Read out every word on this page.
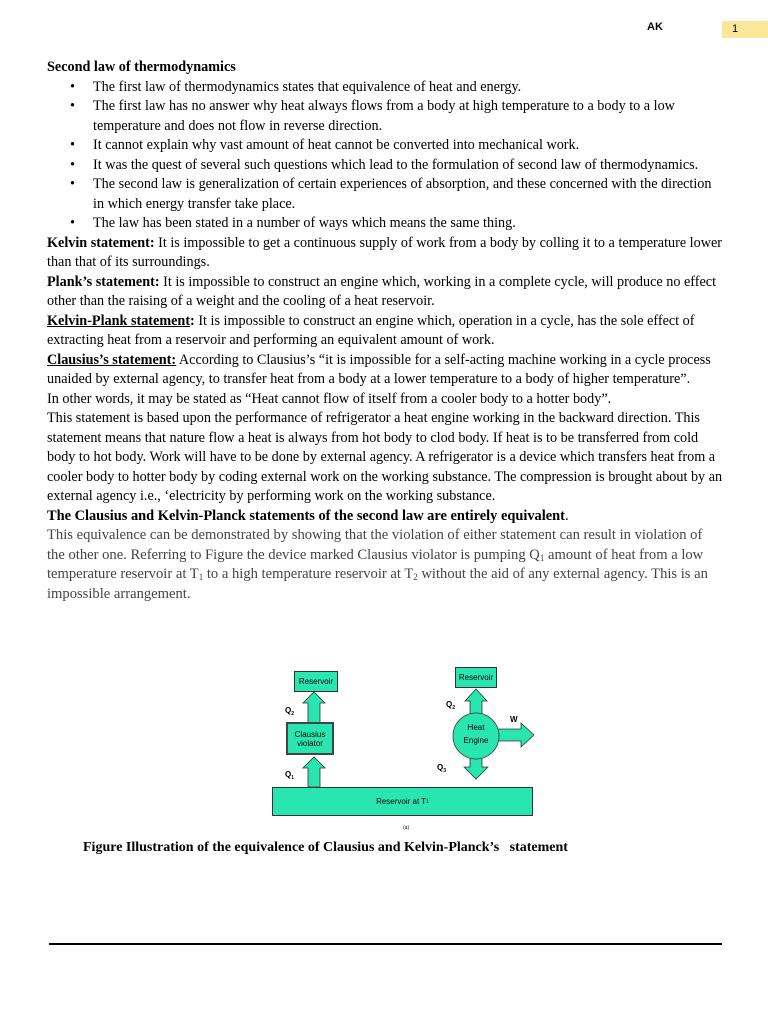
AK	1

Second law of thermodynamics

• The first law of thermodynamics states that equivalence of heat and energy.
• The first law has no answer why heat always flows from a body at high temperature to a body to a low temperature and does not flow in reverse direction.
• It cannot explain why vast amount of heat cannot be converted into mechanical work.
• It was the quest of several such questions which lead to the formulation of second law of thermodynamics.
• The second law is generalization of certain experiences of absorption, and these concerned with the direction in which energy transfer take place.
• The law has been stated in a number of ways which means the same thing.

Kelvin statement: It is impossible to get a continuous supply of work from a body by colling it to a temperature lower than that of its surroundings.

Plank’s statement: It is impossible to construct an engine which, working in a complete cycle, will produce no effect other than the raising of a weight and the cooling of a heat reservoir.

Kelvin-Plank statement: It is impossible to construct an engine which, operation in a cycle, has the sole effect of extracting heat from a reservoir and performing an equivalent amount of work.

Clausius’s statement: According to Clausius’s “it is impossible for a self-acting machine working in a cycle process unaided by external agency, to transfer heat from a body at a lower temperature to a body of higher temperature”.

In other words, it may be stated as “Heat cannot flow of itself from a cooler body to a hotter body”.

This statement is based upon the performance of refrigerator a heat engine working in the backward direction. This statement means that nature flow a heat is always from hot body to clod body. If heat is to be transferred from cold body to hot body. Work will have to be done by external agency. A refrigerator is a device which transfers heat from a cooler body to hotter body by coding external work on the working substance. The compression is brought about by an external agency i.e., ‘electricity by performing work on the working substance.

The Clausius and Kelvin-Planck statements of the second law are entirely equivalent.

This equivalence can be demonstrated by showing that the violation of either statement can result in violation of the other one. Referring to Figure the device marked Clausius violator is pumping $Q_1$ amount of heat from a low temperature reservoir at $T_1$ to a high temperature reservoir at $T_2$ without the aid of any external agency. This is an impossible arrangement.

Reservoir	Reservoir
Clausius
violator
Heat
Engine
Reservoir at T 1
$Q_2$
$Q_1$
$Q_2$
$Q_3$
W
(a)
Figure Illustration of the equivalence of Clausius and Kelvin-Planck’s   statement
